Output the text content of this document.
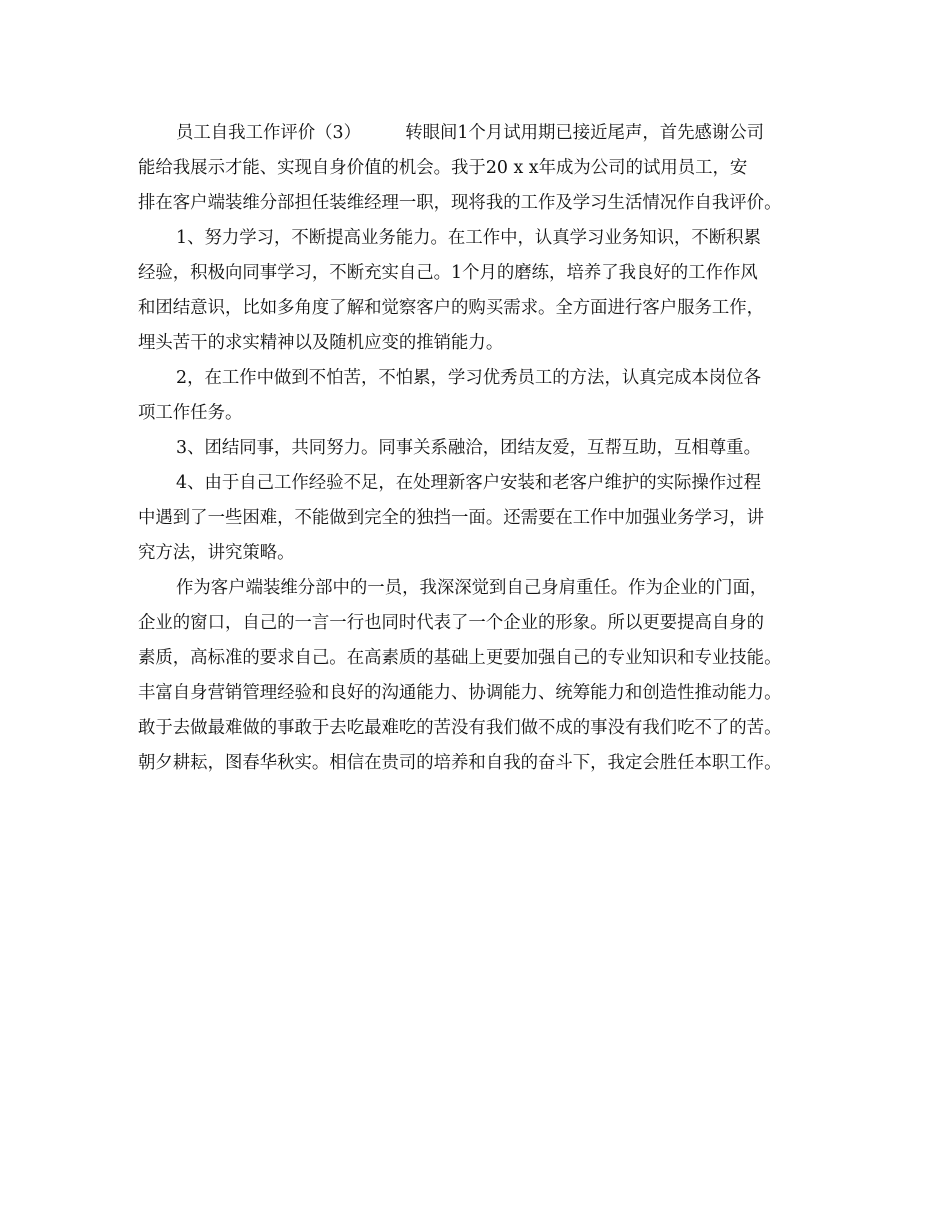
员工自我工作评价（3）        转眼间1个月试用期已接近尾声，首先感谢公司
能给我展示才能、实现自身价值的机会。我于20 x x年成为公司的试用员工，安
排在客户端装维分部担任装维经理一职，现将我的工作及学习生活情况作自我评价。
1、努力学习，不断提高业务能力。在工作中，认真学习业务知识，不断积累
经验，积极向同事学习，不断充实自己。1个月的磨练，培养了我良好的工作作风
和团结意识，比如多角度了解和觉察客户的购买需求。全方面进行客户服务工作，
埋头苦干的求实精神以及随机应变的推销能力。
2，在工作中做到不怕苦，不怕累，学习优秀员工的方法，认真完成本岗位各
项工作任务。
3、团结同事，共同努力。同事关系融洽，团结友爱，互帮互助，互相尊重。
4、由于自己工作经验不足，在处理新客户安装和老客户维护的实际操作过程
中遇到了一些困难，不能做到完全的独挡一面。还需要在工作中加强业务学习，讲
究方法，讲究策略。
作为客户端装维分部中的一员，我深深觉到自己身肩重任。作为企业的门面，
企业的窗口，自己的一言一行也同时代表了一个企业的形象。所以更要提高自身的
素质，高标准的要求自己。在高素质的基础上更要加强自己的专业知识和专业技能。
丰富自身营销管理经验和良好的沟通能力、协调能力、统筹能力和创造性推动能力。
敢于去做最难做的事敢于去吃最难吃的苦没有我们做不成的事没有我们吃不了的苦。
朝夕耕耘，图春华秋实。相信在贵司的培养和自我的奋斗下，我定会胜任本职工作。
